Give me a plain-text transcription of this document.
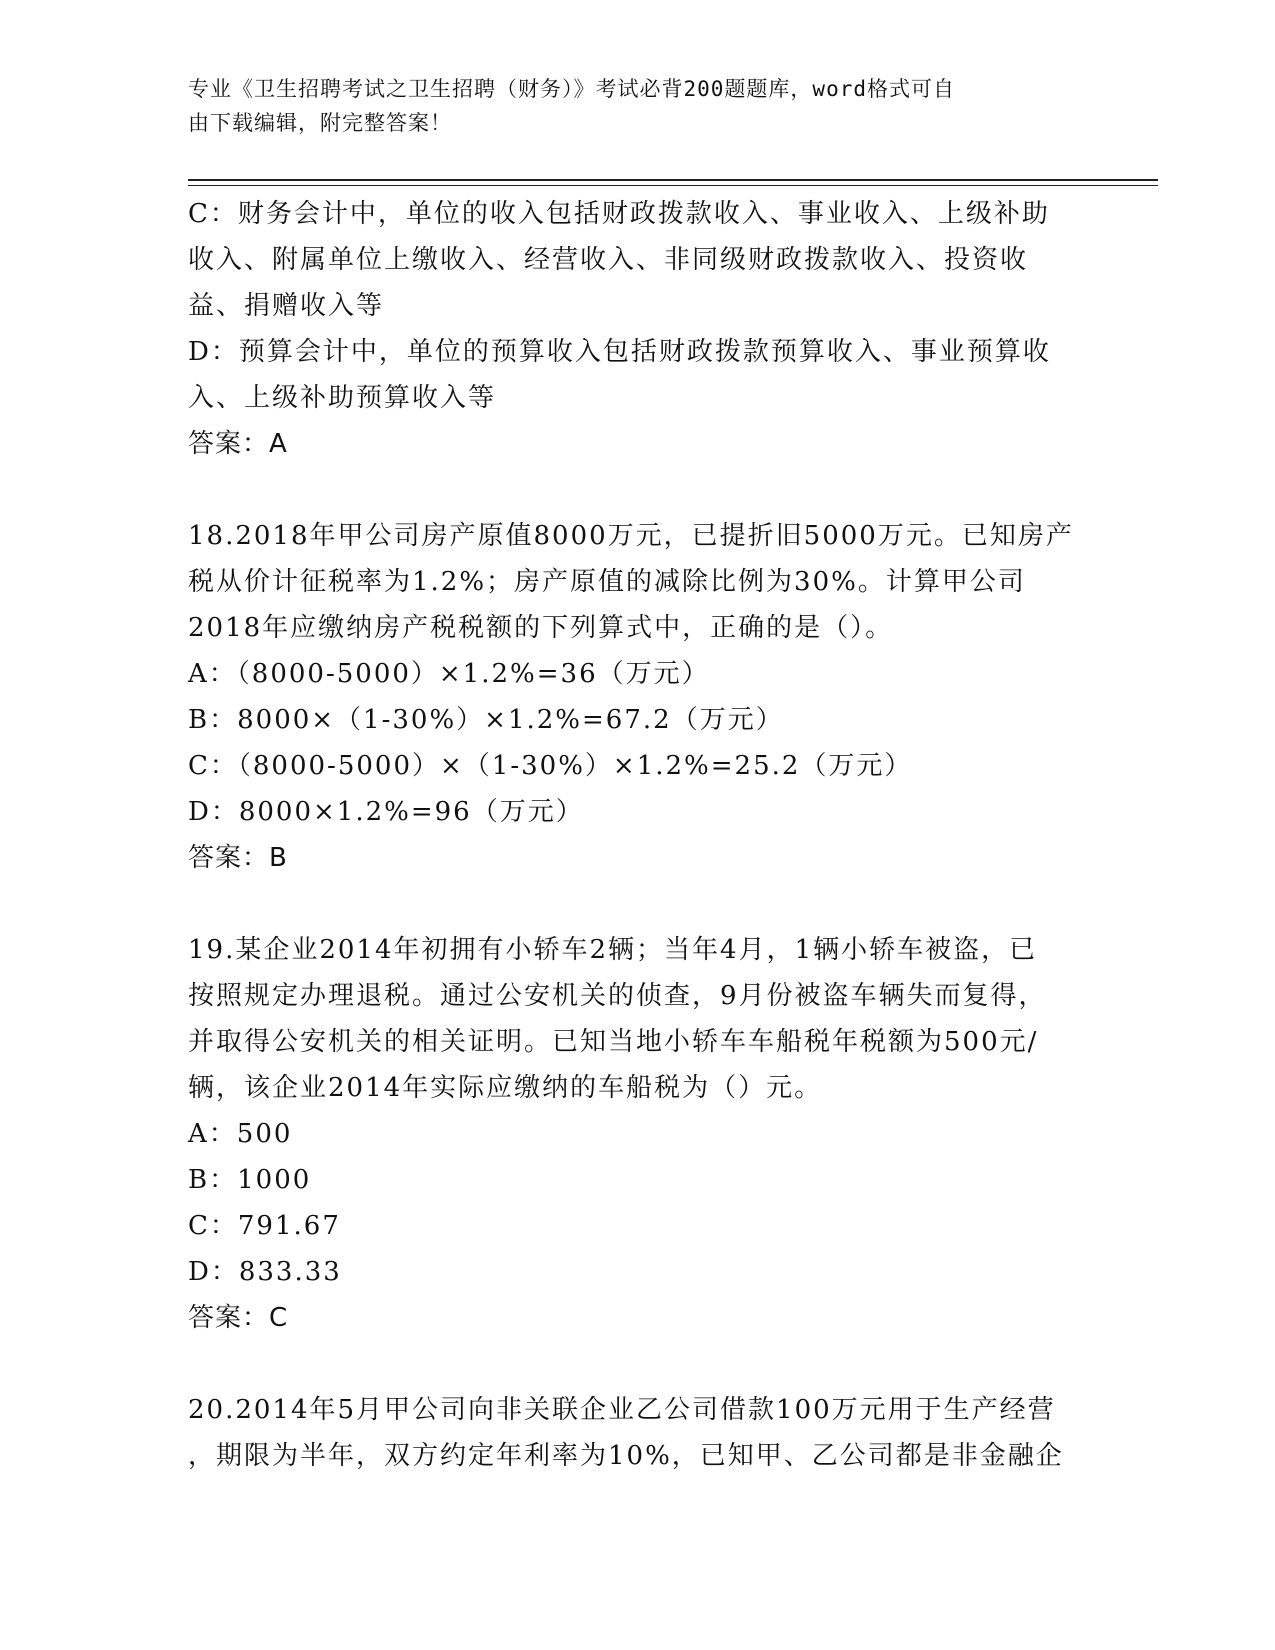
专业《卫生招聘考试之卫生招聘（财务）》考试必背200题题库，word格式可自
由下载编辑，附完整答案！
C：财务会计中，单位的收入包括财政拨款收入、事业收入、上级补助
收入、附属单位上缴收入、经营收入、非同级财政拨款收入、投资收
益、捐赠收入等
D：预算会计中，单位的预算收入包括财政拨款预算收入、事业预算收
入、上级补助预算收入等
答案：A
18.2018年甲公司房产原值8000万元，已提折旧5000万元。已知房产
税从价计征税率为1.2%；房产原值的减除比例为30%。计算甲公司
2018年应缴纳房产税税额的下列算式中，正确的是（）。
A：（8000-5000）×1.2%=36（万元）
B：8000×（1-30%）×1.2%=67.2（万元）
C：（8000-5000）×（1-30%）×1.2%=25.2（万元）
D：8000×1.2%=96（万元）
答案：B
19.某企业2014年初拥有小轿车2辆；当年4月，1辆小轿车被盗，已
按照规定办理退税。通过公安机关的侦查，9月份被盗车辆失而复得，
并取得公安机关的相关证明。已知当地小轿车车船税年税额为500元/
辆，该企业2014年实际应缴纳的车船税为（）元。
A：500
B：1000
C：791.67
D：833.33
答案：C
20.2014年5月甲公司向非关联企业乙公司借款100万元用于生产经营
，期限为半年，双方约定年利率为10%，已知甲、乙公司都是非金融企
